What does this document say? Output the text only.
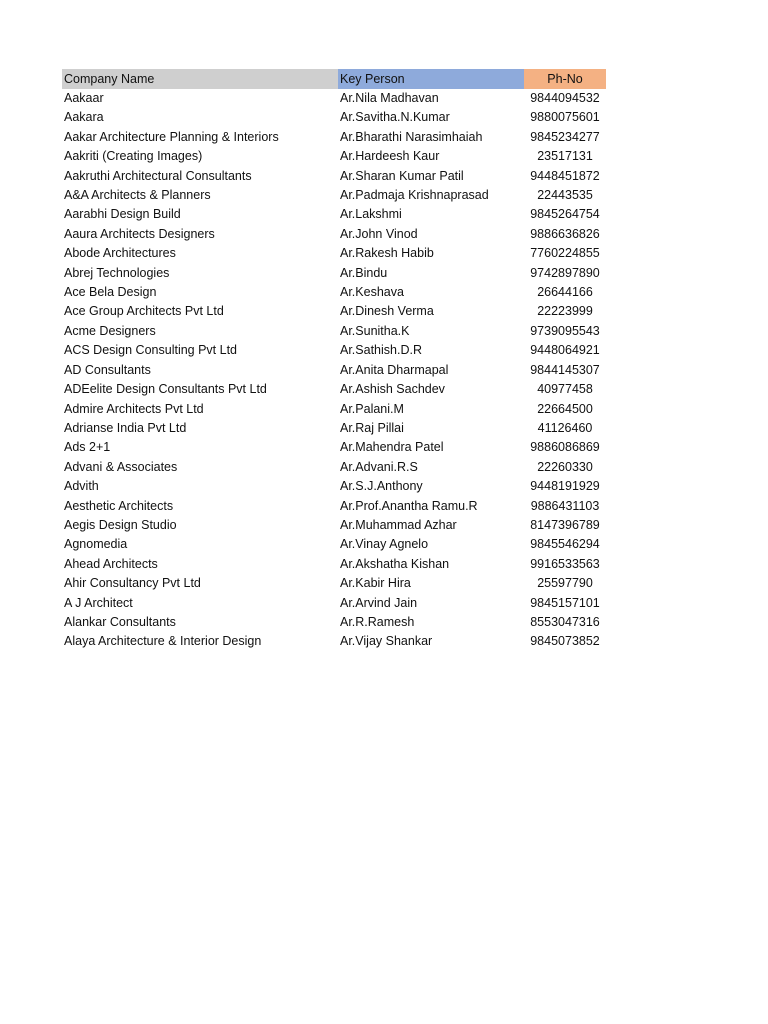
Company Name	Key Person	Ph-No
Aakaar	Ar.Nila Madhavan	9844094532
Aakara	Ar.Savitha.N.Kumar	9880075601
Aakar Architecture Planning & Interiors	Ar.Bharathi Narasimhaiah	9845234277
Aakriti (Creating Images)	Ar.Hardeesh Kaur	23517131
Aakruthi Architectural Consultants	Ar.Sharan Kumar Patil	9448451872
A&A Architects & Planners	Ar.Padmaja Krishnaprasad	22443535
Aarabhi Design Build	Ar.Lakshmi	9845264754
Aaura Architects Designers	Ar.John Vinod	9886636826
Abode Architectures	Ar.Rakesh Habib	7760224855
Abrej Technologies	Ar.Bindu	9742897890
Ace Bela Design	Ar.Keshava	26644166
Ace Group Architects Pvt Ltd	Ar.Dinesh Verma	22223999
Acme Designers	Ar.Sunitha.K	9739095543
ACS Design Consulting Pvt Ltd	Ar.Sathish.D.R	9448064921
AD Consultants	Ar.Anita Dharmapal	9844145307
ADEelite Design Consultants Pvt Ltd	Ar.Ashish Sachdev	40977458
Admire Architects Pvt Ltd	Ar.Palani.M	22664500
Adrianse India Pvt Ltd	Ar.Raj Pillai	41126460
Ads 2+1	Ar.Mahendra Patel	9886086869
Advani & Associates	Ar.Advani.R.S	22260330
Advith	Ar.S.J.Anthony	9448191929
Aesthetic Architects	Ar.Prof.Anantha Ramu.R	9886431103
Aegis Design Studio	Ar.Muhammad Azhar	8147396789
Agnomedia	Ar.Vinay Agnelo	9845546294
Ahead Architects	Ar.Akshatha Kishan	9916533563
Ahir Consultancy Pvt Ltd	Ar.Kabir Hira	25597790
A J Architect	Ar.Arvind Jain	9845157101
Alankar Consultants	Ar.R.Ramesh	8553047316
Alaya Architecture & Interior Design	Ar.Vijay Shankar	9845073852
